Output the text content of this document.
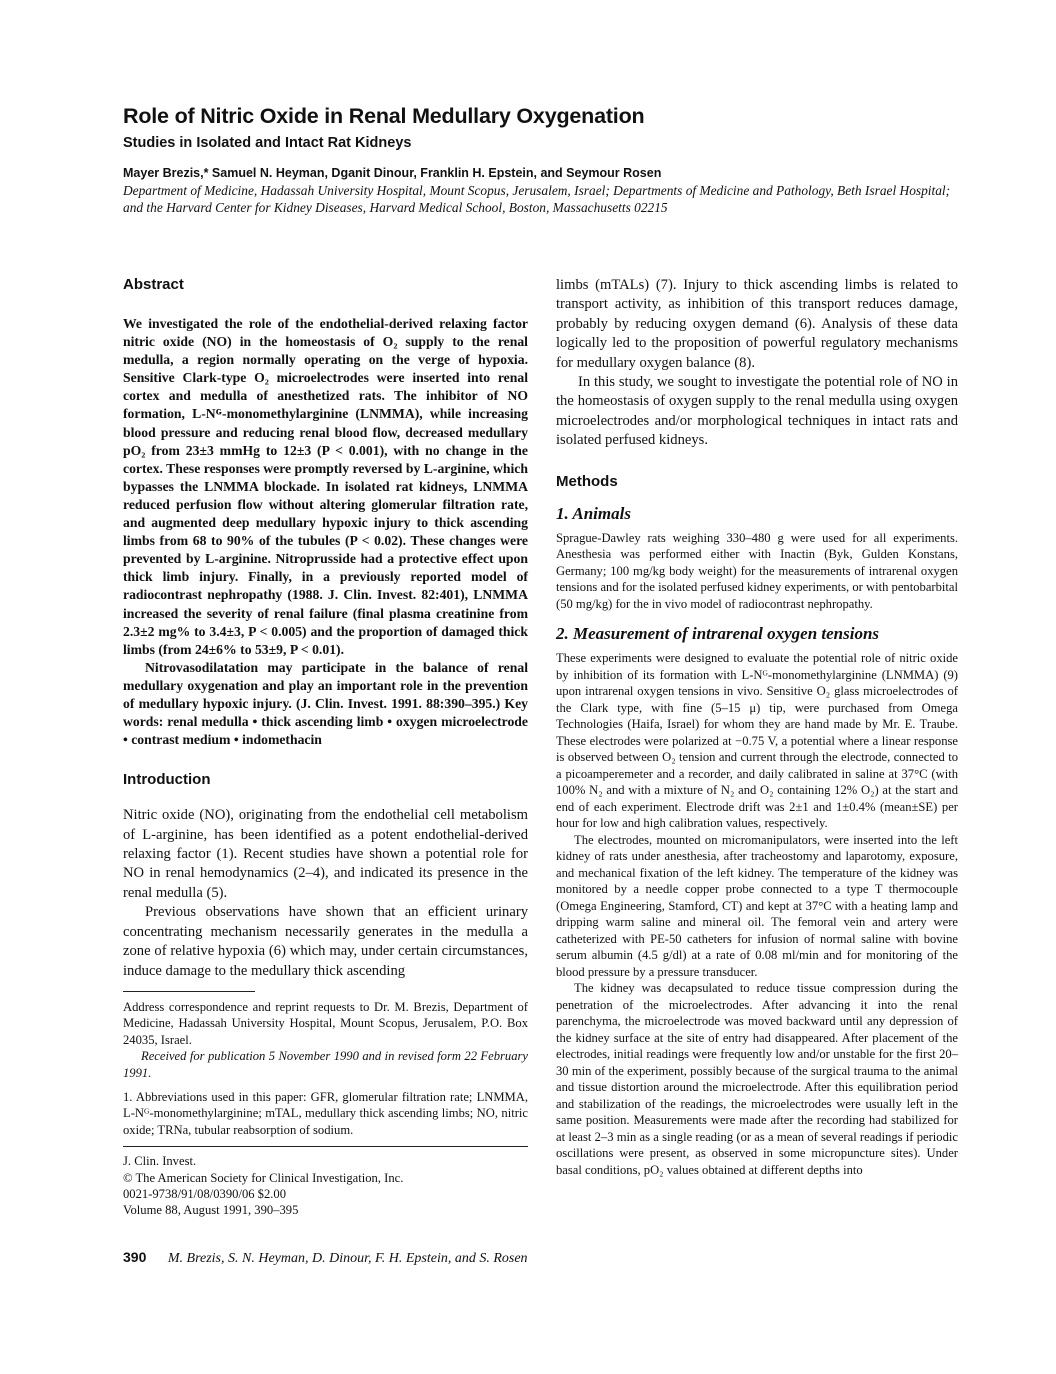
Role of Nitric Oxide in Renal Medullary Oxygenation
Studies in Isolated and Intact Rat Kidneys
Mayer Brezis,* Samuel N. Heyman, Dganit Dinour, Franklin H. Epstein, and Seymour Rosen
Department of Medicine, Hadassah University Hospital, Mount Scopus, Jerusalem, Israel; Departments of Medicine and Pathology, Beth Israel Hospital; and the Harvard Center for Kidney Diseases, Harvard Medical School, Boston, Massachusetts 02215
Abstract

We investigated the role of the endothelial-derived relaxing factor nitric oxide (NO) in the homeostasis of O₂ supply to the renal medulla, a region normally operating on the verge of hypoxia. Sensitive Clark-type O₂ microelectrodes were inserted into renal cortex and medulla of anesthetized rats. The inhibitor of NO formation, L-Nᴳ-monomethylarginine (LNMMA), while increasing blood pressure and reducing renal blood flow, decreased medullary pO₂ from 23±3 mmHg to 12±3 (P < 0.001), with no change in the cortex. These responses were promptly reversed by L-arginine, which bypasses the LNMMA blockade. In isolated rat kidneys, LNMMA reduced perfusion flow without altering glomerular filtration rate, and augmented deep medullary hypoxic injury to thick ascending limbs from 68 to 90% of the tubules (P < 0.02). These changes were prevented by L-arginine. Nitroprusside had a protective effect upon thick limb injury. Finally, in a previously reported model of radiocontrast nephropathy (1988. J. Clin. Invest. 82:401), LNMMA increased the severity of renal failure (final plasma creatinine from 2.3±2 mg% to 3.4±3, P < 0.005) and the proportion of damaged thick limbs (from 24±6% to 53±9, P < 0.01).

Nitrovasodilatation may participate in the balance of renal medullary oxygenation and play an important role in the prevention of medullary hypoxic injury. (J. Clin. Invest. 1991. 88:390–395.) Key words: renal medulla • thick ascending limb • oxygen microelectrode • contrast medium • indomethacin

Introduction

Nitric oxide (NO), originating from the endothelial cell metabolism of L-arginine, has been identified as a potent endothelial-derived relaxing factor (1). Recent studies have shown a potential role for NO in renal hemodynamics (2–4), and indicated its presence in the renal medulla (5).

Previous observations have shown that an efficient urinary concentrating mechanism necessarily generates in the medulla a zone of relative hypoxia (6) which may, under certain circumstances, induce damage to the medullary thick ascending

Address correspondence and reprint requests to Dr. M. Brezis, Department of Medicine, Hadassah University Hospital, Mount Scopus, Jerusalem, P.O. Box 24035, Israel.

Received for publication 5 November 1990 and in revised form 22 February 1991.

1. Abbreviations used in this paper: GFR, glomerular filtration rate; LNMMA, L-Nᴳ-monomethylarginine; mTAL, medullary thick ascending limbs; NO, nitric oxide; TRNa, tubular reabsorption of sodium.

J. Clin. Invest.

© The American Society for Clinical Investigation, Inc.

0021-9738/91/08/0390/06 $2.00

Volume 88, August 1991, 390–395

limbs (mTALs) (7). Injury to thick ascending limbs is related to transport activity, as inhibition of this transport reduces damage, probably by reducing oxygen demand (6). Analysis of these data logically led to the proposition of powerful regulatory mechanisms for medullary oxygen balance (8).

In this study, we sought to investigate the potential role of NO in the homeostasis of oxygen supply to the renal medulla using oxygen microelectrodes and/or morphological techniques in intact rats and isolated perfused kidneys.

Methods
1. Animals

Sprague-Dawley rats weighing 330–480 g were used for all experiments. Anesthesia was performed either with Inactin (Byk, Gulden Konstans, Germany; 100 mg/kg body weight) for the measurements of intrarenal oxygen tensions and for the isolated perfused kidney experiments, or with pentobarbital (50 mg/kg) for the in vivo model of radiocontrast nephropathy.

2. Measurement of intrarenal oxygen tensions

These experiments were designed to evaluate the potential role of nitric oxide by inhibition of its formation with L-Nᴳ-monomethylarginine (LNMMA) (9) upon intrarenal oxygen tensions in vivo. Sensitive O₂ glass microelectrodes of the Clark type, with fine (5–15 μ) tip, were purchased from Omega Technologies (Haifa, Israel) for whom they are hand made by Mr. E. Traube. These electrodes were polarized at −0.75 V, a potential where a linear response is observed between O₂ tension and current through the electrode, connected to a picoamperemeter and a recorder, and daily calibrated in saline at 37°C (with 100% N₂ and with a mixture of N₂ and O₂ containing 12% O₂) at the start and end of each experiment. Electrode drift was 2±1 and 1±0.4% (mean±SE) per hour for low and high calibration values, respectively.

The electrodes, mounted on micromanipulators, were inserted into the left kidney of rats under anesthesia, after tracheostomy and laparotomy, exposure, and mechanical fixation of the left kidney. The temperature of the kidney was monitored by a needle copper probe connected to a type T thermocouple (Omega Engineering, Stamford, CT) and kept at 37°C with a heating lamp and dripping warm saline and mineral oil. The femoral vein and artery were catheterized with PE-50 catheters for infusion of normal saline with bovine serum albumin (4.5 g/dl) at a rate of 0.08 ml/min and for monitoring of the blood pressure by a pressure transducer.

The kidney was decapsulated to reduce tissue compression during the penetration of the microelectrodes. After advancing it into the renal parenchyma, the microelectrode was moved backward until any depression of the kidney surface at the site of entry had disappeared. After placement of the electrodes, initial readings were frequently low and/or unstable for the first 20–30 min of the experiment, possibly because of the surgical trauma to the animal and tissue distortion around the microelectrode. After this equilibration period and stabilization of the readings, the microelectrodes were usually left in the same position. Measurements were made after the recording had stabilized for at least 2–3 min as a single reading (or as a mean of several readings if periodic oscillations were present, as observed in some micropuncture sites). Under basal conditions, pO₂ values obtained at different depths into

390 M. Brezis, S. N. Heyman, D. Dinour, F. H. Epstein, and S. Rosen
